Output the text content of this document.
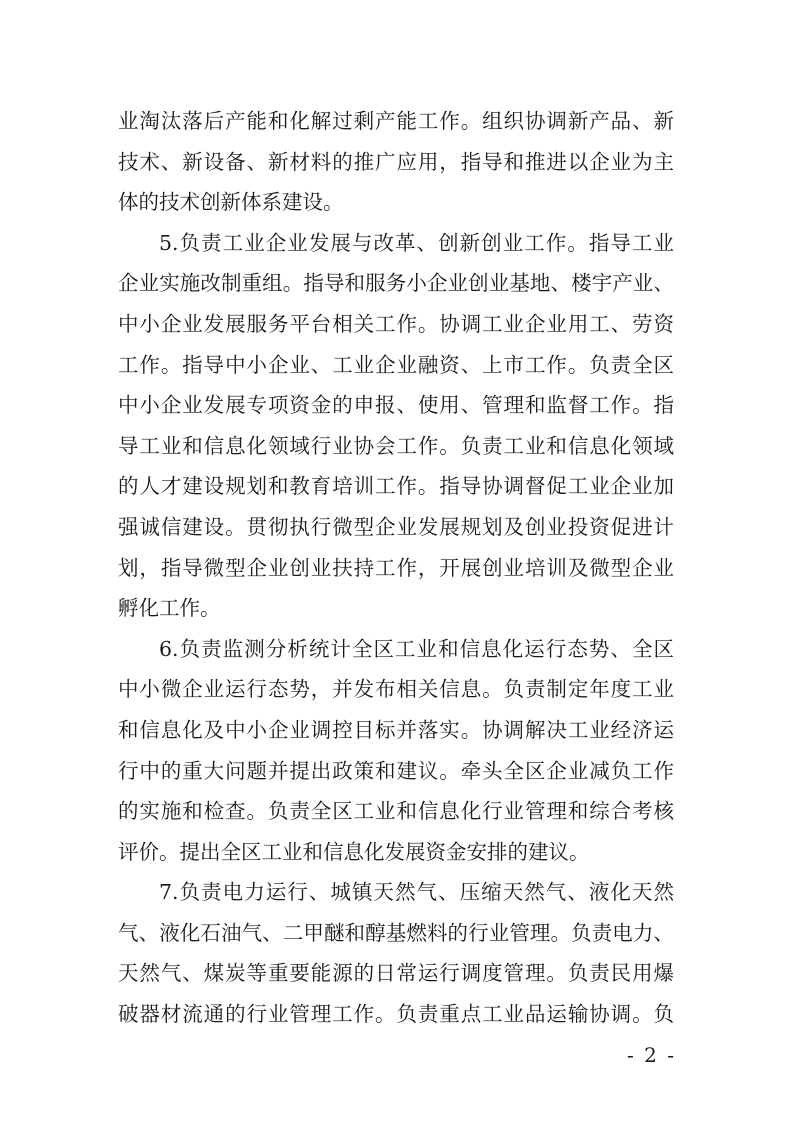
业淘汰落后产能和化解过剩产能工作。组织协调新产品、新
技术、新设备、新材料的推广应用，指导和推进以企业为主
体的技术创新体系建设。
5.负责工业企业发展与改革、创新创业工作。指导工业
企业实施改制重组。指导和服务小企业创业基地、楼宇产业、
中小企业发展服务平台相关工作。协调工业企业用工、劳资
工作。指导中小企业、工业企业融资、上市工作。负责全区
中小企业发展专项资金的申报、使用、管理和监督工作。指
导工业和信息化领域行业协会工作。负责工业和信息化领域
的人才建设规划和教育培训工作。指导协调督促工业企业加
强诚信建设。贯彻执行微型企业发展规划及创业投资促进计
划，指导微型企业创业扶持工作，开展创业培训及微型企业
孵化工作。
6.负责监测分析统计全区工业和信息化运行态势、全区
中小微企业运行态势，并发布相关信息。负责制定年度工业
和信息化及中小企业调控目标并落实。协调解决工业经济运
行中的重大问题并提出政策和建议。牵头全区企业减负工作
的实施和检查。负责全区工业和信息化行业管理和综合考核
评价。提出全区工业和信息化发展资金安排的建议。
7.负责电力运行、城镇天然气、压缩天然气、液化天然
气、液化石油气、二甲醚和醇基燃料的行业管理。负责电力、
天然气、煤炭等重要能源的日常运行调度管理。负责民用爆
破器材流通的行业管理工作。负责重点工业品运输协调。负
- 2 -
